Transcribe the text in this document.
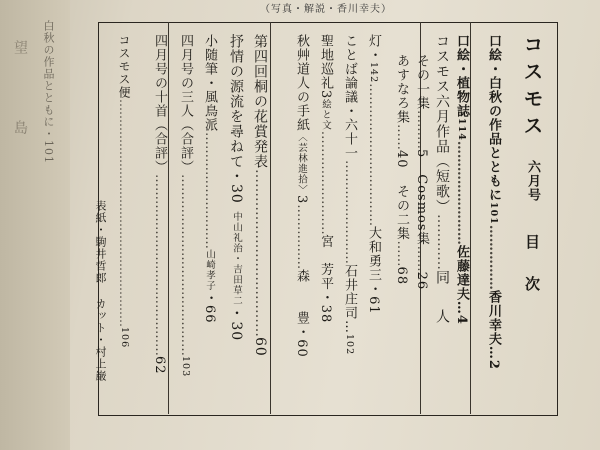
白秋の作品とともに・101
望　島
（写真・解説・香川幸夫）
コスモス六月号目　次
口絵・白秋の作品とともに101……………香川幸夫…2
口絵・植物誌114……………………佐藤達夫…4
コスモス六月作品（短歌）…………同人
その一集………5Cosmos集……26
あすなろ集……40その二集……68
灯・142……………………………大和勇三・61
ことば論議・六十一……………………石井庄司…102
聖地巡礼3絵と文……………………宮　芳平・38
秋艸道人の手紙〈芸林進拾〉3……………森　　豊・60
第四回桐の花賞発表………………………………60
抒情の源流を尋ねて・30中山礼治・吉田草二・30
小随筆・風鳥派………………………山崎孝子・66
四月号の三人（合評）……………………………………103
四月号の十首（合評）……………………………………62
コスモス便…………………………………………………106
表紙・駒井哲郎カット・村上巌
